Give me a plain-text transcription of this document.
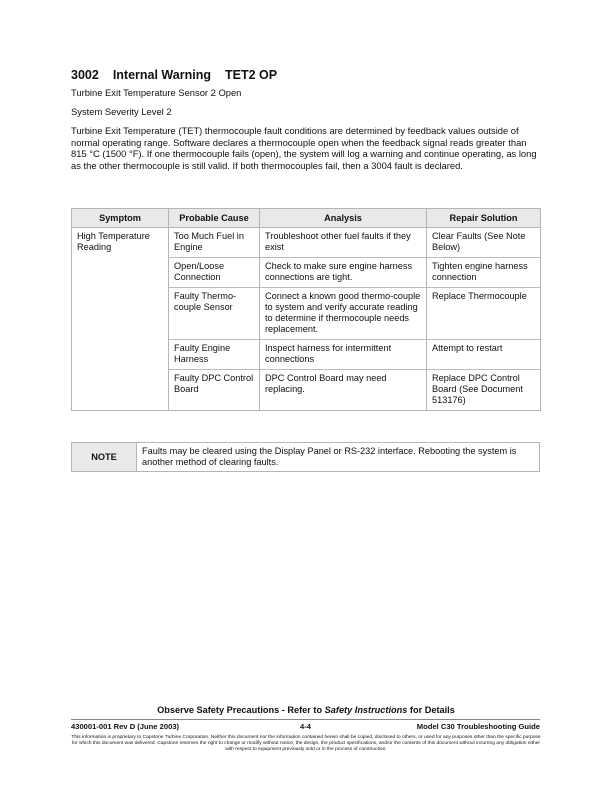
3002 Internal Warning TET2 OP
Turbine Exit Temperature Sensor 2 Open
System Severity Level 2
Turbine Exit Temperature (TET) thermocouple fault conditions are determined by feedback values outside of normal operating range. Software declares a thermocouple open when the feedback signal reads greater than 815 °C (1500 °F). If one thermocouple fails (open), the system will log a warning and continue operating, as long as the other thermocouple is still valid. If both thermocouples fail, then a 3004 fault is declared.
Symptom	Probable Cause	Analysis	Repair Solution
High Temperature Reading	Too Much Fuel in Engine	Troubleshoot other fuel faults if they exist	Clear Faults (See Note Below)
	Open/Loose Connection	Check to make sure engine harness connections are tight.	Tighten engine harness connection
	Faulty Thermo-couple Sensor	Connect a known good thermo-couple to system and verify accurate reading to determine if thermocouple needs replacement.	Replace Thermocouple
	Faulty Engine Harness	Inspect harness for intermittent connections	Attempt to restart
	Faulty DPC Control Board	DPC Control Board may need replacing.	Replace DPC Control Board (See Document 513176)
NOTE	Faults may be cleared using the Display Panel or RS-232 interface. Rebooting the system is another method of clearing faults.
Observe Safety Precautions - Refer to Safety Instructions for Details
430001-001 Rev D (June 2003)	4-4	Model C30 Troubleshooting Guide
This information is proprietary to Capstone Turbine Corporation. Neither this document nor the information contained herein shall be copied, disclosed to others, or used for any purposes other than the specific purpose for which this document was delivered. Capstone reserves the right to change or modify without notice, the design, the product specifications, and/or the contents of this document without incurring any obligation either with respect to equipment previously sold or in the process of construction.
